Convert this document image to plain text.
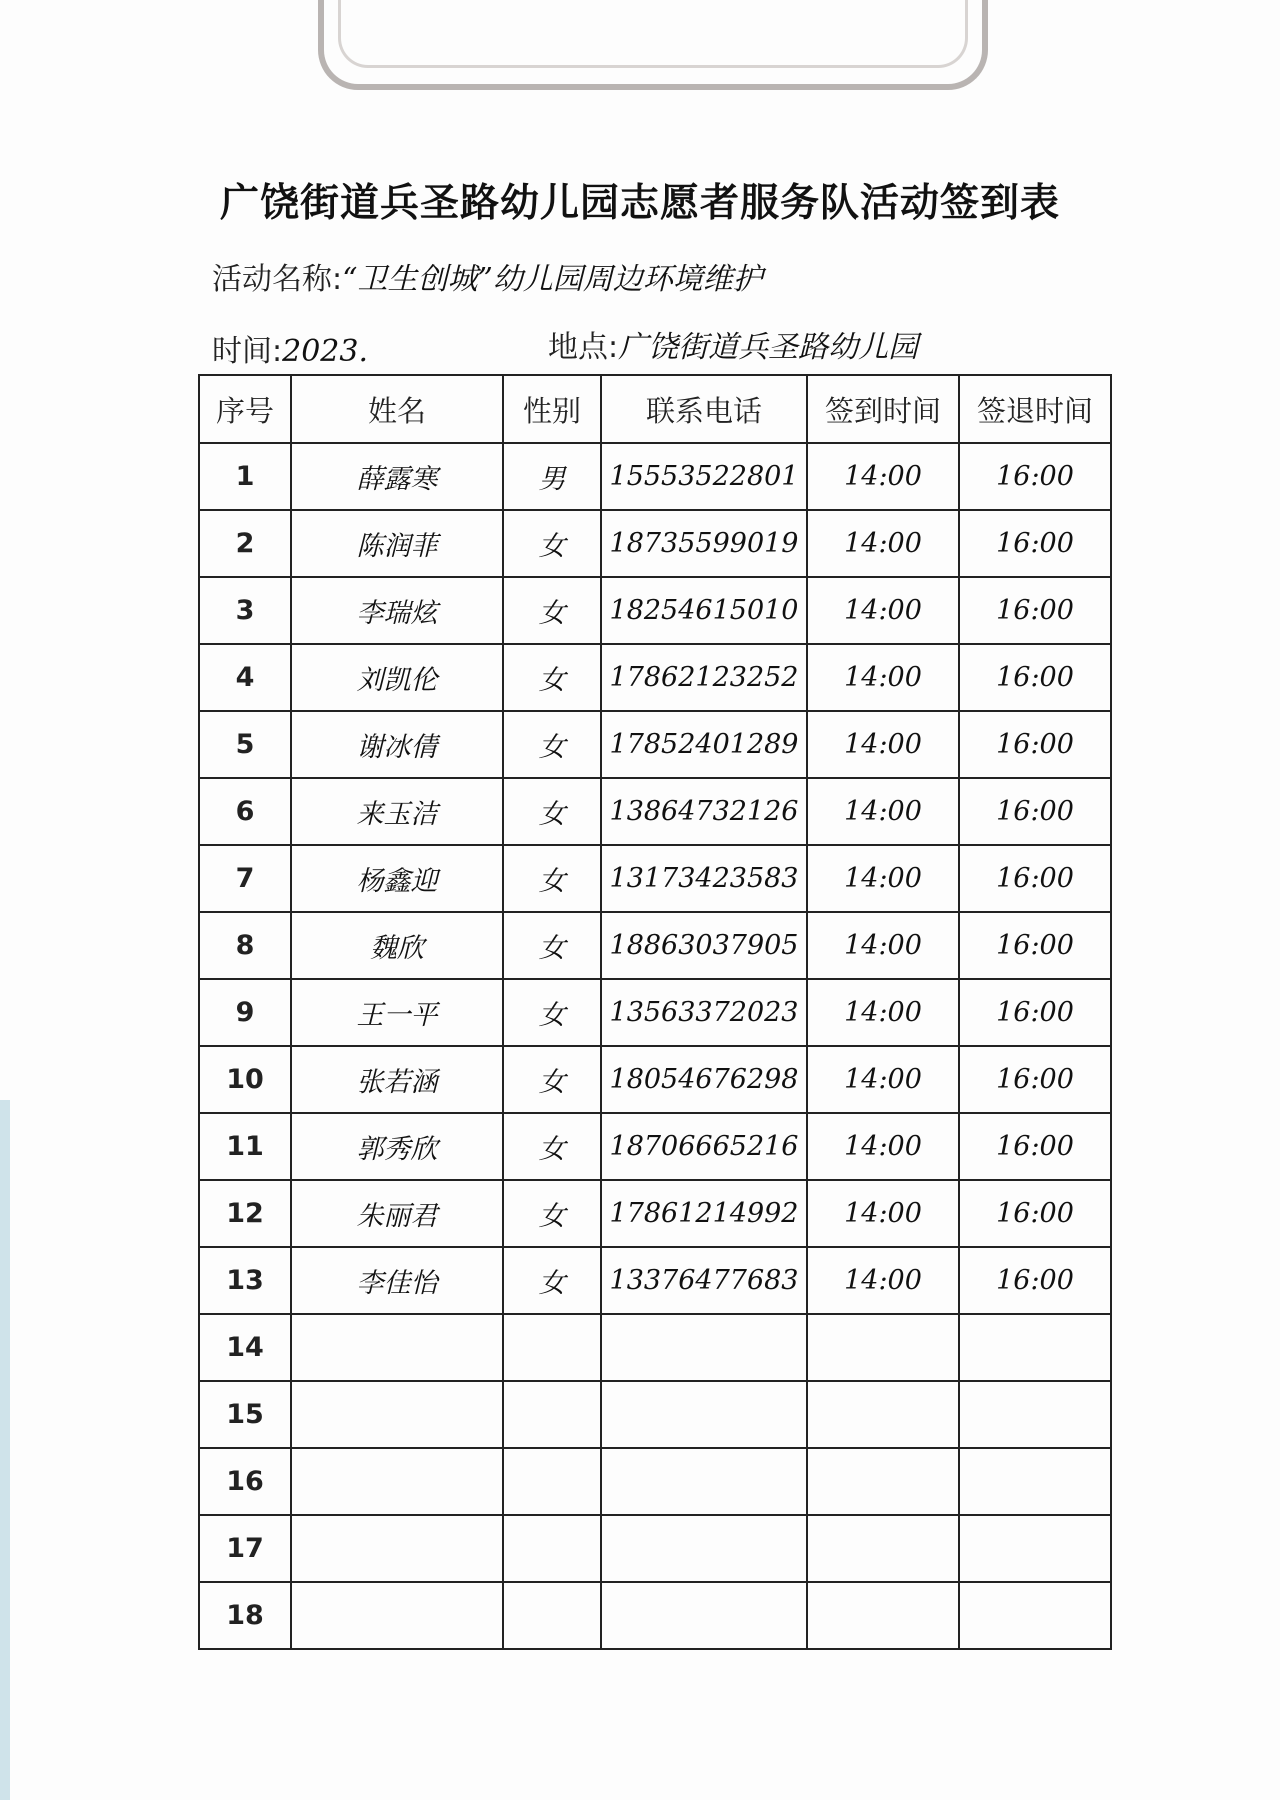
广饶街道兵圣路幼儿园志愿者服务队活动签到表
活动名称:“卫生创城”幼儿园周边环境维护
时间:2023.	地点:广饶街道兵圣路幼儿园
序号	姓名	性别	联系电话	签到时间	签退时间
1	薛露寒	男	15553522801	14:00	16:00
2	陈润菲	女	18735599019	14:00	16:00
3	李瑞炫	女	18254615010	14:00	16:00
4	刘凯伦	女	17862123252	14:00	16:00
5	谢冰倩	女	17852401289	14:00	16:00
6	来玉洁	女	13864732126	14:00	16:00
7	杨鑫迎	女	13173423583	14:00	16:00
8	魏欣	女	18863037905	14:00	16:00
9	王一平	女	13563372023	14:00	16:00
10	张若涵	女	18054676298	14:00	16:00
11	郭秀欣	女	18706665216	14:00	16:00
12	朱丽君	女	17861214992	14:00	16:00
13	李佳怡	女	13376477683	14:00	16:00
14					
15					
16					
17					
18					
